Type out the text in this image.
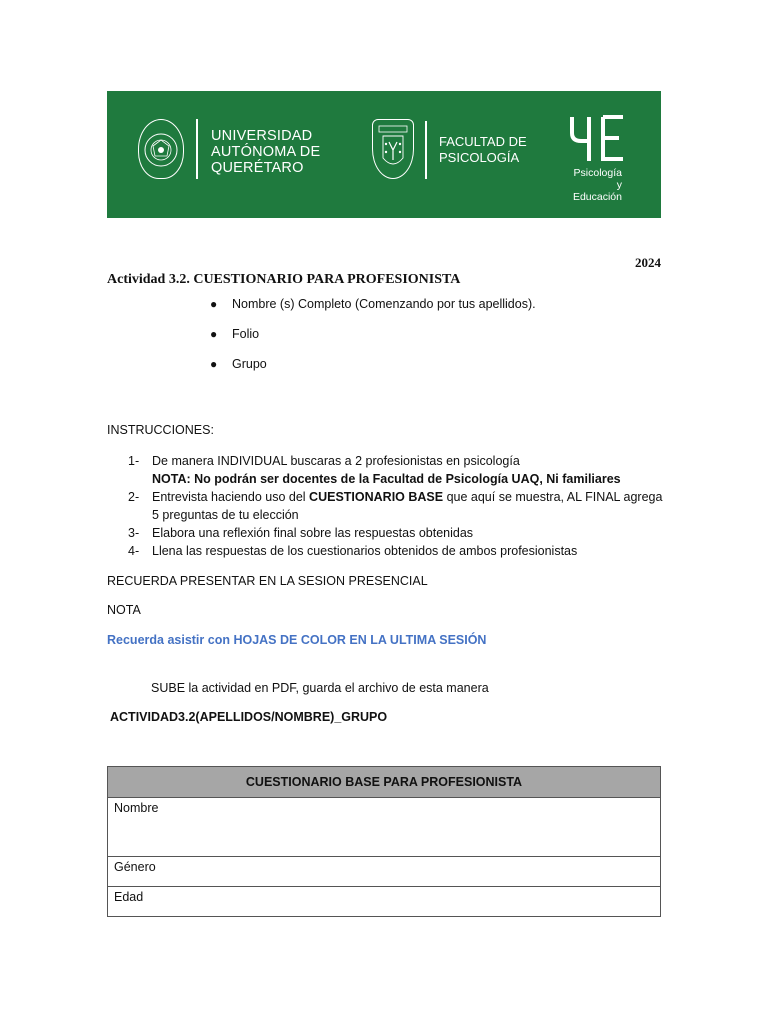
UNIVERSIDAD
AUTÓNOMA DE
QUERÉTARO
FACULTAD DE
PSICOLOGÍA
Psicología
y Educación
2024
Actividad 3.2. CUESTIONARIO PARA PROFESIONISTA
● Nombre (s) Completo (Comenzando por tus apellidos).
● Folio
● Grupo
INSTRUCCIONES:
1- De manera INDIVIDUAL buscaras a 2 profesionistas en psicología
NOTA: No podrán ser docentes de la Facultad de Psicología UAQ, Ni familiares
2- Entrevista haciendo uso del CUESTIONARIO BASE que aquí se muestra, AL FINAL agrega 5 preguntas de tu elección
3- Elabora una reflexión final sobre las respuestas obtenidas
4- Llena las respuestas de los cuestionarios obtenidos de ambos profesionistas
RECUERDA PRESENTAR EN LA SESION PRESENCIAL
NOTA
Recuerda asistir con HOJAS DE COLOR EN LA ULTIMA SESIÓN
SUBE la actividad en PDF, guarda el archivo de esta manera
ACTIVIDAD3.2(APELLIDOS/NOMBRE)_GRUPO
CUESTIONARIO BASE PARA PROFESIONISTA
Nombre
Género
Edad
